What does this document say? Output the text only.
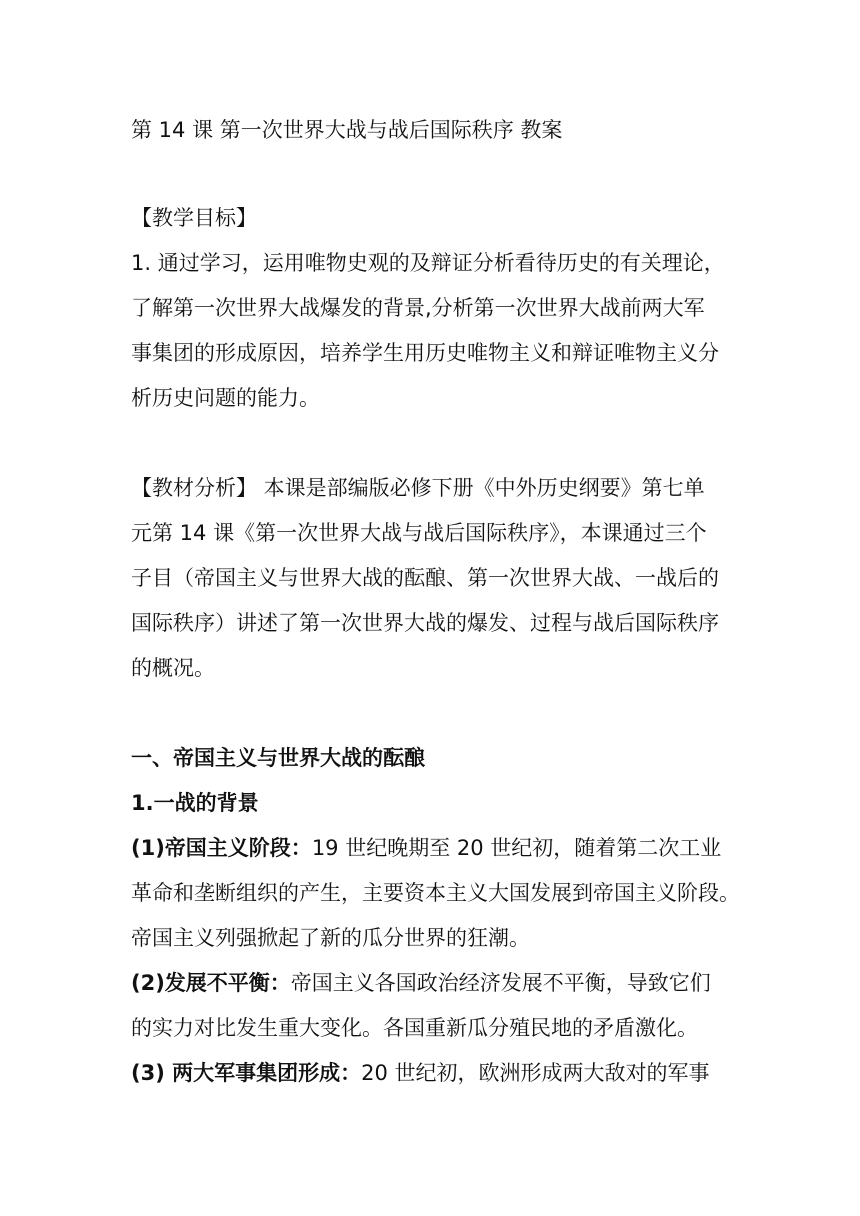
第 14 课 第一次世界大战与战后国际秩序 教案
【教学目标】
1. 通过学习，运用唯物史观的及辩证分析看待历史的有关理论，
了解第一次世界大战爆发的背景,分析第一次世界大战前两大军
事集团的形成原因，培养学生用历史唯物主义和辩证唯物主义分
析历史问题的能力。
【教材分析】 本课是部编版必修下册《中外历史纲要》第七单
元第 14 课《第一次世界大战与战后国际秩序》，本课通过三个
子目（帝国主义与世界大战的酝酿、第一次世界大战、一战后的
国际秩序）讲述了第一次世界大战的爆发、过程与战后国际秩序
的概况。
一、帝国主义与世界大战的酝酿
1.一战的背景
(1)帝国主义阶段：19 世纪晚期至 20 世纪初，随着第二次工业
革命和垄断组织的产生，主要资本主义大国发展到帝国主义阶段。
帝国主义列强掀起了新的瓜分世界的狂潮。
(2)发展不平衡：帝国主义各国政治经济发展不平衡，导致它们
的实力对比发生重大变化。各国重新瓜分殖民地的矛盾激化。
(3) 两大军事集团形成：20 世纪初，欧洲形成两大敌对的军事
